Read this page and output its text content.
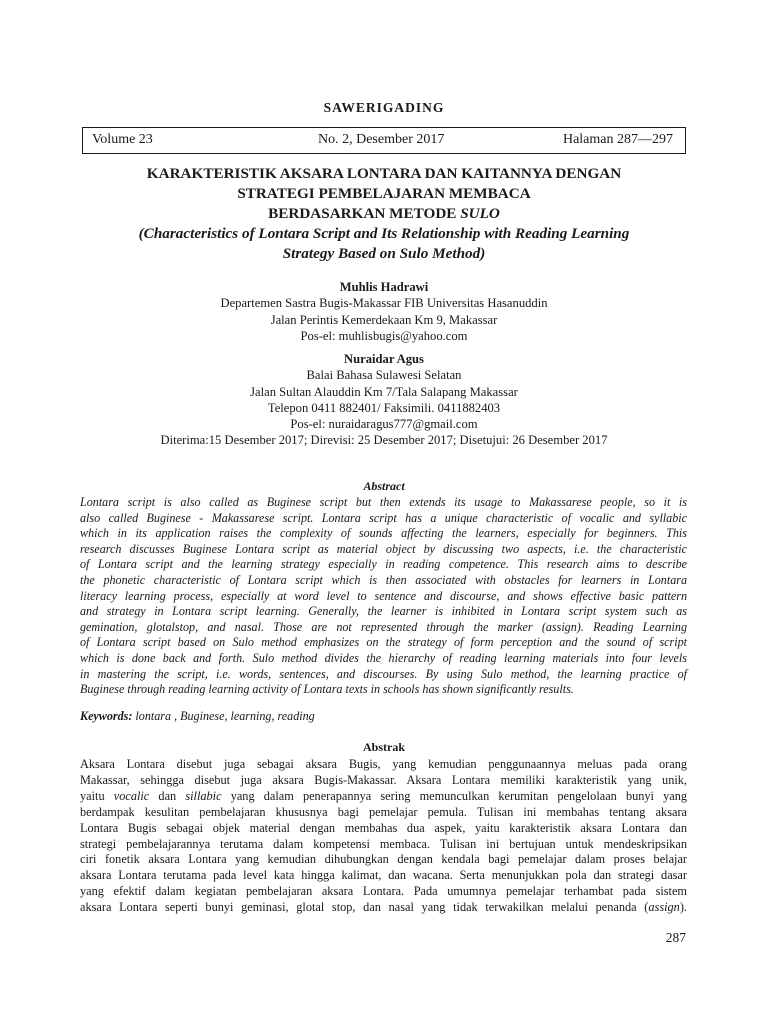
SAWERIGADING
Volume 23	No. 2, Desember 2017	Halaman 287—297
KARAKTERISTIK AKSARA LONTARA DAN KAITANNYA DENGAN
STRATEGI PEMBELAJARAN MEMBACA
BERDASARKAN METODE SULO
(Characteristics of Lontara Script and Its Relationship with Reading Learning
Strategy Based on Sulo Method)
Muhlis Hadrawi
Departemen Sastra Bugis-Makassar FIB Universitas Hasanuddin
Jalan Perintis Kemerdekaan Km 9, Makassar
Pos-el: muhlisbugis@yahoo.com
Nuraidar Agus
Balai Bahasa Sulawesi Selatan
Jalan Sultan Alauddin Km 7/Tala Salapang Makassar
Telepon 0411 882401/ Faksimili. 0411882403
Pos-el: nuraidaragus777@gmail.com
Diterima:15 Desember 2017; Direvisi: 25 Desember 2017; Disetujui: 26 Desember 2017
Abstract
Lontara script is also called as Buginese script but then extends its usage to Makassarese people, so it is
also called Buginese - Makassarese script. Lontara script has a unique characteristic of vocalic and syllabic
which in its application raises the complexity of sounds affecting the learners, especially for beginners. This
research discusses Buginese Lontara script as material object by discussing two aspects, i.e. the characteristic
of Lontara script and the learning strategy especially in reading competence. This research aims to describe
the phonetic characteristic of Lontara script which is then associated with obstacles for learners in Lontara
literacy learning process, especially at word level to sentence and discourse, and shows effective basic pattern
and strategy in Lontara script learning. Generally, the learner is inhibited in Lontara script system such as
gemination, glotalstop, and nasal. Those are not represented through the marker (assign). Reading Learning
of Lontara script based on Sulo method emphasizes on the strategy of form perception and the sound of script
which is done back and forth. Sulo method divides the hierarchy of reading learning materials into four levels
in mastering the script, i.e. words, sentences, and discourses. By using Sulo method, the learning practice of
Buginese through reading learning activity of Lontara texts in schools has shown significantly results.
Keywords: lontara , Buginese, learning, reading
Abstrak
Aksara Lontara disebut juga sebagai aksara Bugis, yang kemudian penggunaannya meluas pada orang
Makassar, sehingga disebut juga aksara Bugis-Makassar. Aksara Lontara memiliki karakteristik yang unik,
yaitu vocalic dan sillabic yang dalam penerapannya sering memunculkan kerumitan pengelolaan bunyi yang
berdampak kesulitan pembelajaran khususnya bagi pemelajar pemula. Tulisan ini membahas tentang aksara
Lontara Bugis sebagai objek material dengan membahas dua aspek, yaitu karakteristik aksara Lontara dan
strategi pembelajarannya terutama dalam kompetensi membaca. Tulisan ini bertujuan untuk mendeskripsikan
ciri fonetik aksara Lontara yang kemudian dihubungkan dengan kendala bagi pemelajar dalam proses belajar
aksara Lontara terutama pada level kata hingga kalimat, dan wacana. Serta menunjukkan pola dan strategi dasar
yang efektif dalam kegiatan pembelajaran aksara Lontara. Pada umumnya pemelajar terhambat pada sistem
aksara Lontara seperti bunyi geminasi, glotal stop, dan nasal yang tidak terwakilkan melalui penanda (assign).
287
